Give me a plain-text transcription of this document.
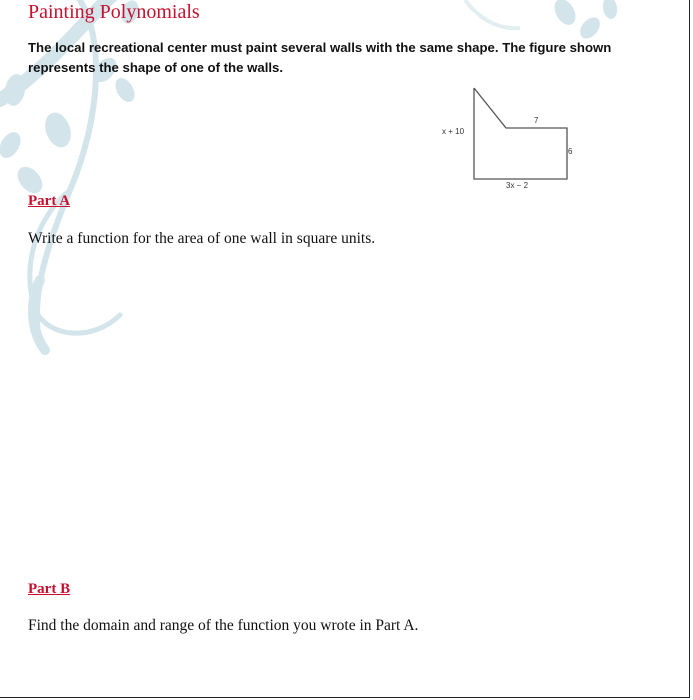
Painting Polynomials

The local recreational center must paint several walls with the same shape. The figure shown represents the shape of one of the walls.

x + 10
7
6
3x − 2
Part A

Write a function for the area of one wall in square units.

Part B

Find the domain and range of the function you wrote in Part A.
